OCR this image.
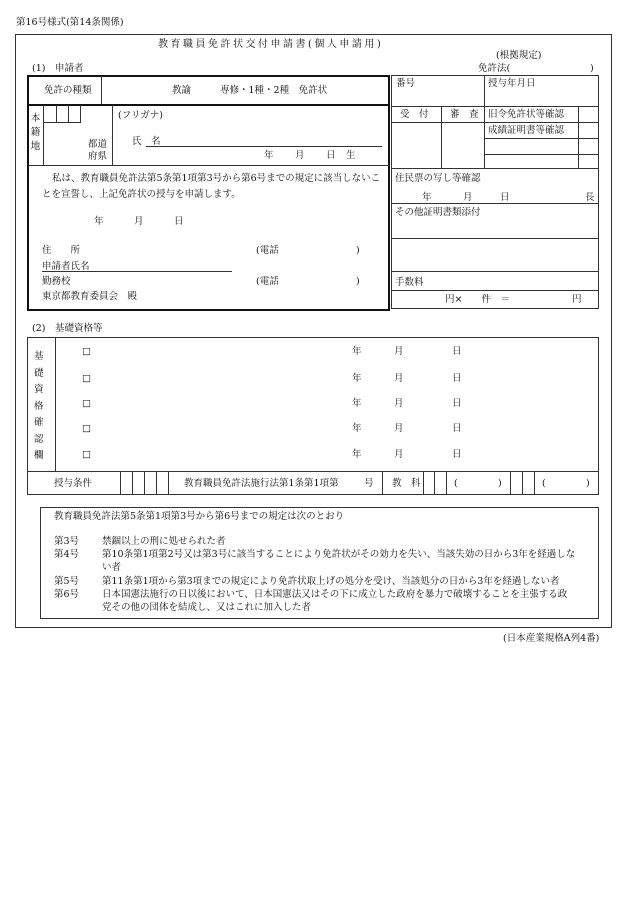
第16号様式(第14条関係)
教育職員免許状交付申請書(個人申請用)
(根拠規定)
免許法(	)
(1)　申請者
免許の種類	教諭	専修・1種・2種　免許状
本籍地	都道
府県
(フリガナ)
氏　名
年 月 日 生
私は、教育職員免許法第5条第1項第3号から第6号までの規定に該当しないことを宣誓し、上記免許状の授与を申請します。
年	月	日
住　　所	(電話	)
申請者氏名
勤務校	(電話	)
東京都教育委員会　殿
番号	授与年月日
受　付 審　査 旧令免許状等確認
成績証明書等確認
住民票の写し等確認
年	月	日	長
その他証明書類添付
手数料
円×　　件　＝	円
(2)　基礎資格等
基礎資格確認欄
□	年	月	日
□	年	月	日
□	年	月	日
□	年	月	日
□	年	月	日
授与条件	教育職員免許法施行法第1条第1項第	号 教　科	(	)	(	)
教育職員免許法第5条第1項第3号から第6号までの規定は次のとおり
第3号 禁錮以上の刑に処せられた者
第4号 第10条第1項第2号又は第3号に該当することにより免許状がその効力を失い、当該失効の日から3年を経過しな
い者
第5号 第11条第1項から第3項までの規定により免許状取上げの処分を受け、当該処分の日から3年を経過しない者
第6号 日本国憲法施行の日以後において、日本国憲法又はその下に成立した政府を暴力で破壊することを主張する政
党その他の団体を結成し、又はこれに加入した者
(日本産業規格A列4番)
